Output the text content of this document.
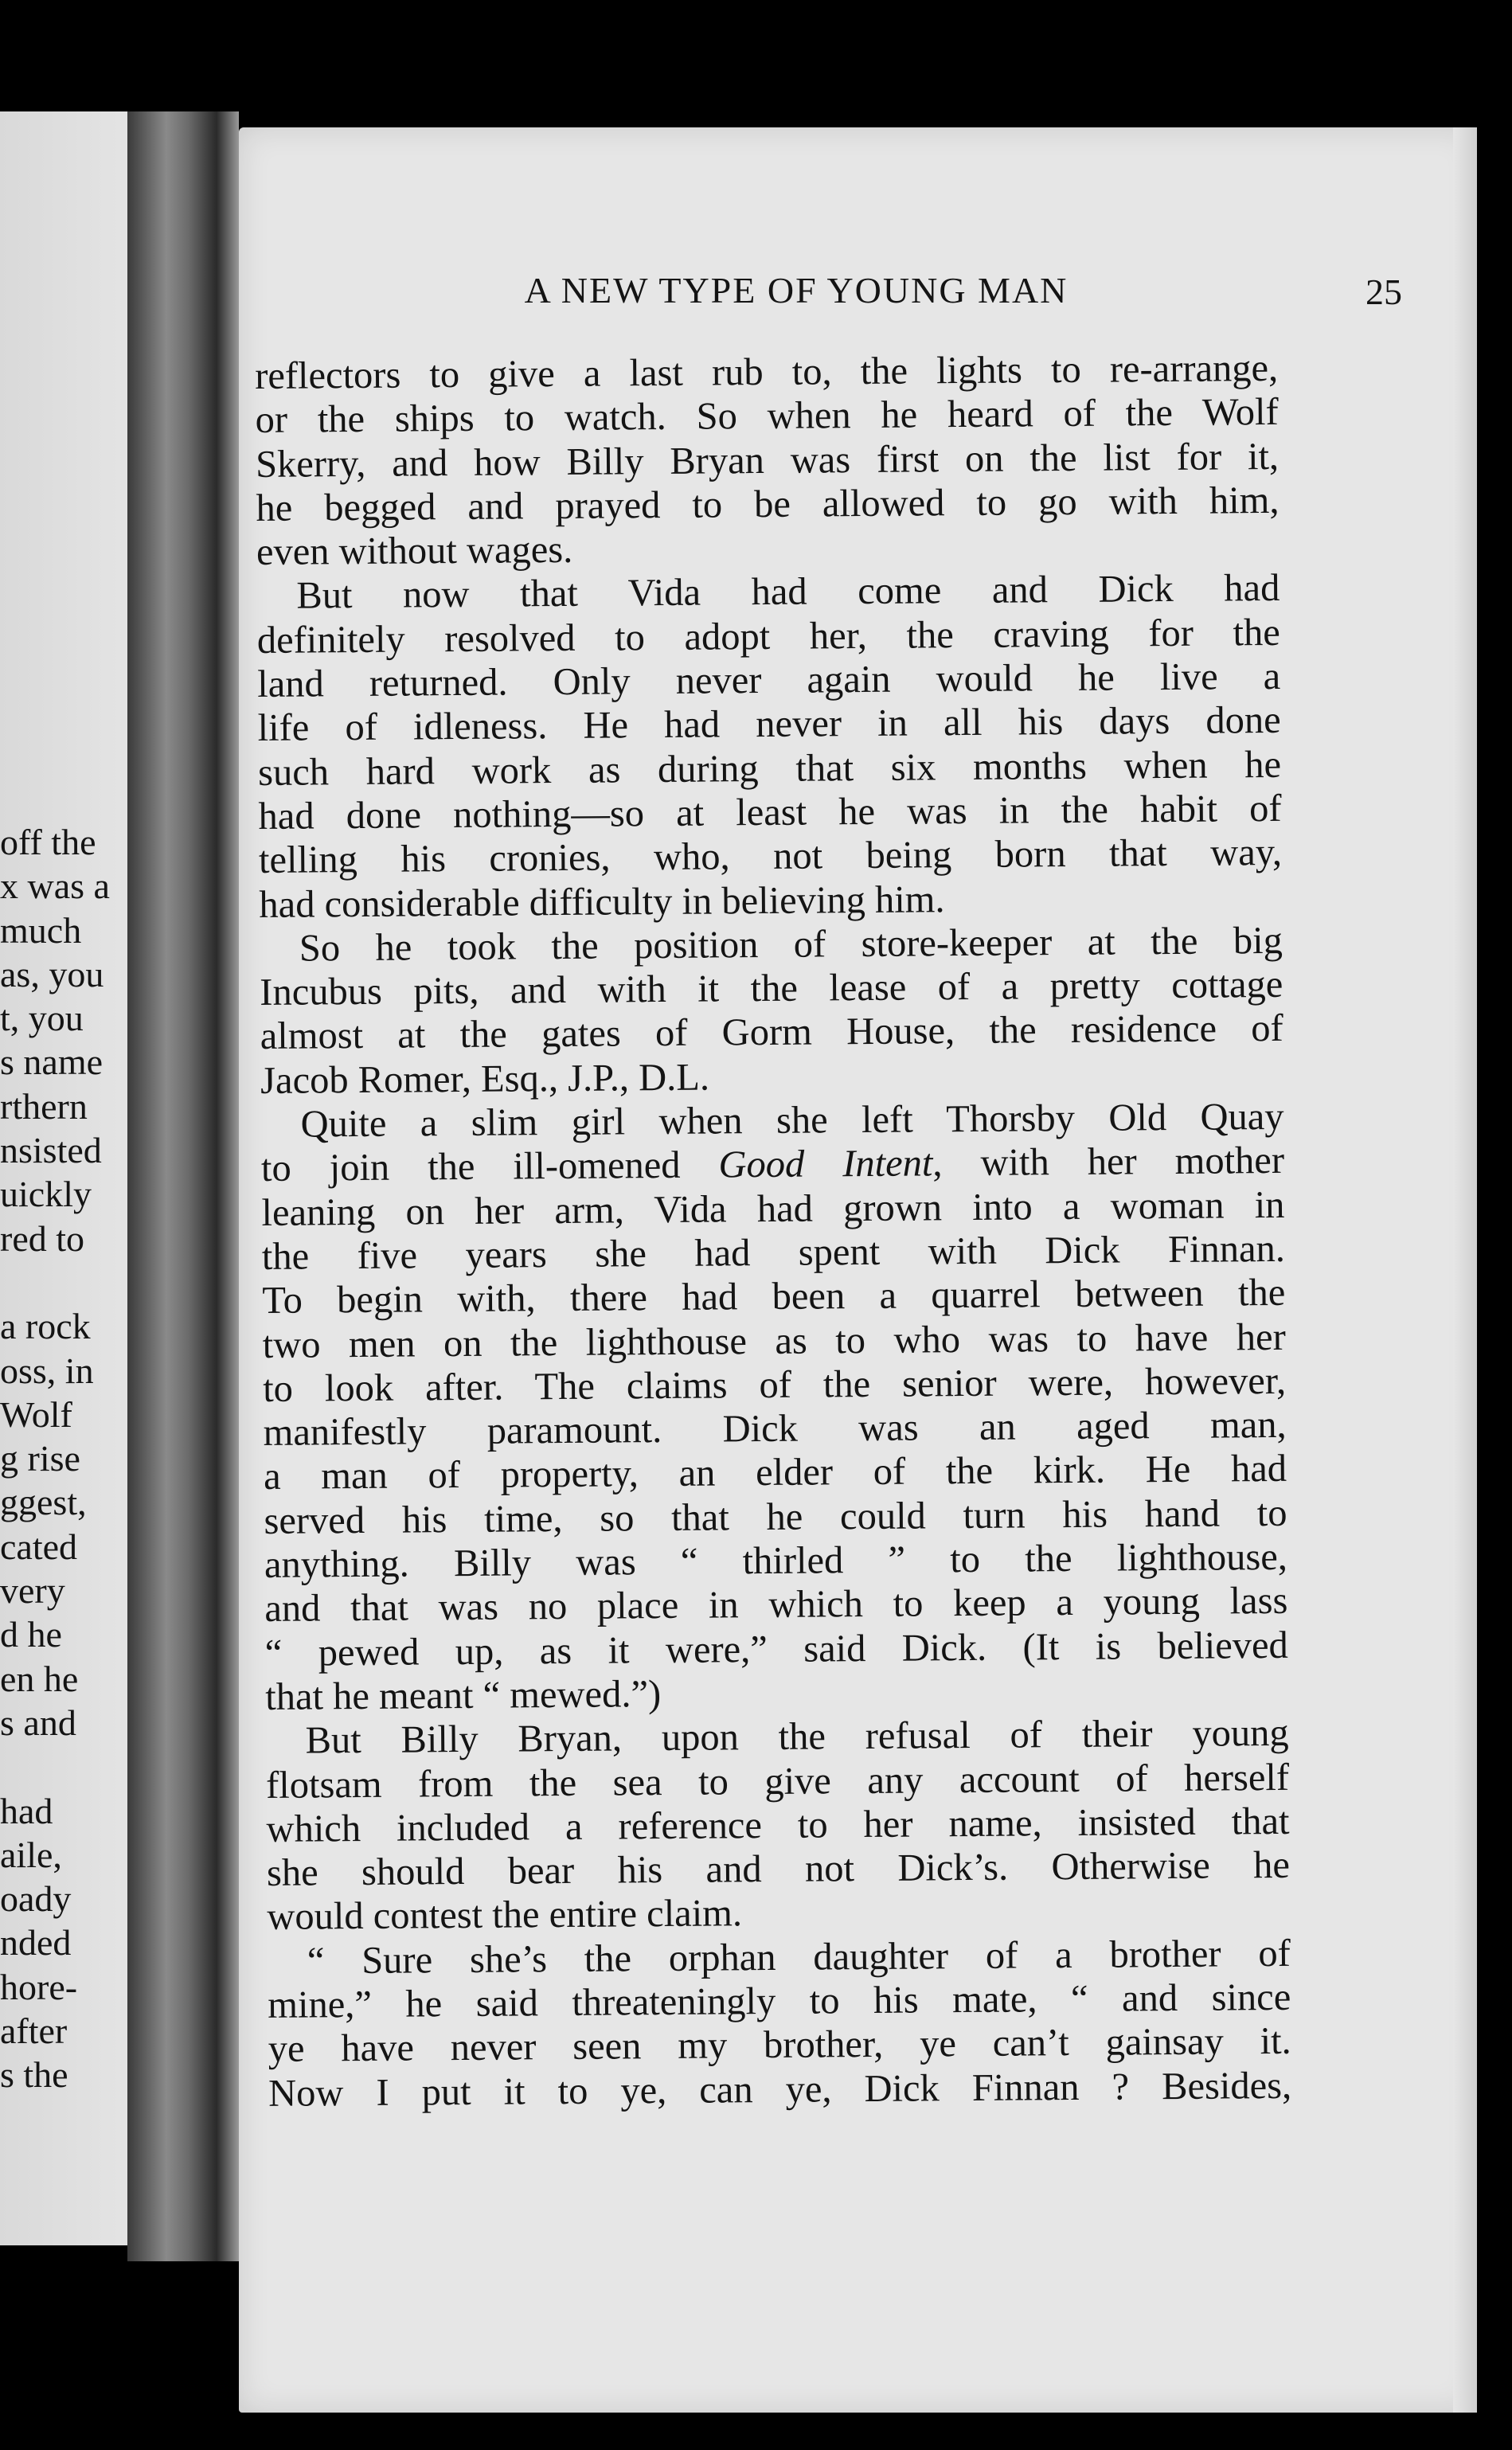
off the
x was a
much
as, you
t, you
s name
rthern
nsisted
uickly
red to
a rock
oss, in
Wolf
g rise
ggest,
cated
very
d he
en he
s and
had
aile,
oady
nded
hore-
after
s the
A NEW TYPE OF YOUNG MAN	25
reflectors to give a last rub to, the lights to re-arrange,
or the ships to watch. So when he heard of the Wolf
Skerry, and how Billy Bryan was first on the list for it,
he begged and prayed to be allowed to go with him,
even without wages.
But now that Vida had come and Dick had
definitely resolved to adopt her, the craving for the
land returned. Only never again would he live a
life of idleness. He had never in all his days done
such hard work as during that six months when he
had done nothing—so at least he was in the habit of
telling his cronies, who, not being born that way,
had considerable difficulty in believing him.
So he took the position of store-keeper at the big
Incubus pits, and with it the lease of a pretty cottage
almost at the gates of Gorm House, the residence of
Jacob Romer, Esq., J.P., D.L.
Quite a slim girl when she left Thorsby Old Quay
to join the ill-omened Good Intent, with her mother
leaning on her arm, Vida had grown into a woman in
the five years she had spent with Dick Finnan.
To begin with, there had been a quarrel between the
two men on the lighthouse as to who was to have her
to look after. The claims of the senior were, however,
manifestly paramount. Dick was an aged man,
a man of property, an elder of the kirk. He had
served his time, so that he could turn his hand to
anything. Billy was “ thirled ” to the lighthouse,
and that was no place in which to keep a young lass
“ pewed up, as it were,” said Dick. (It is believed
that he meant “ mewed.”)
But Billy Bryan, upon the refusal of their young
flotsam from the sea to give any account of herself
which included a reference to her name, insisted that
she should bear his and not Dick’s. Otherwise he
would contest the entire claim.
“ Sure she’s the orphan daughter of a brother of
mine,” he said threateningly to his mate, “ and since
ye have never seen my brother, ye can’t gainsay it.
Now I put it to ye, can ye, Dick Finnan ? Besides,
